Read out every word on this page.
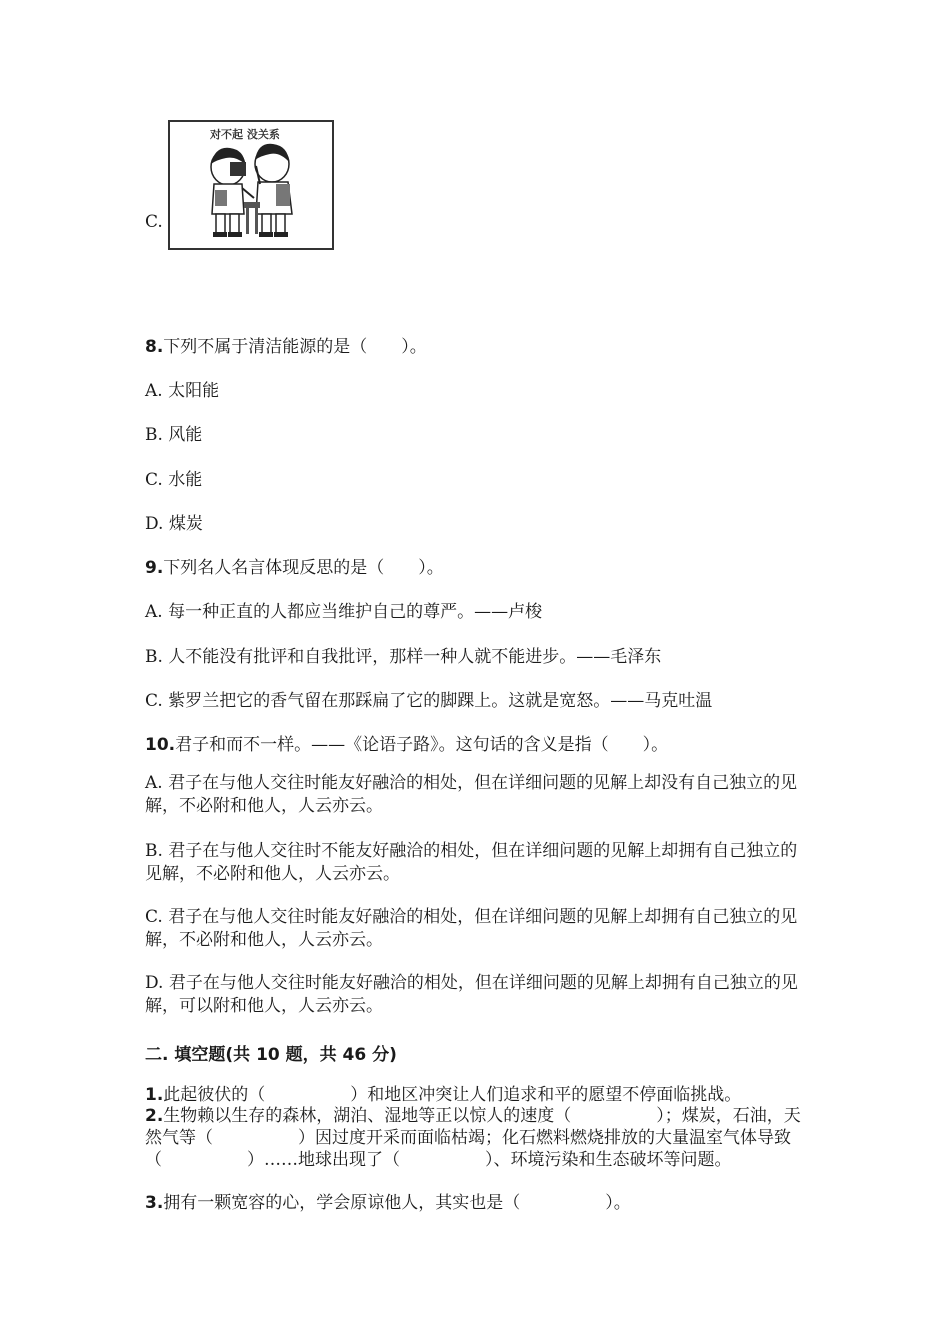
C.
对不起 没关系
8.下列不属于清洁能源的是（　　）。
A. 太阳能
B. 风能
C. 水能
D. 煤炭
9.下列名人名言体现反思的是（　　）。
A. 每一种正直的人都应当维护自己的尊严。——卢梭
B. 人不能没有批评和自我批评，那样一种人就不能进步。——毛泽东
C. 紫罗兰把它的香气留在那踩扁了它的脚踝上。这就是宽怒。——马克吐温
10.君子和而不一样。——《论语子路》。这句话的含义是指（　　）。
A. 君子在与他人交往时能友好融洽的相处，但在详细问题的见解上却没有自己独立的见解，不必附和他人，人云亦云。
B. 君子在与他人交往时不能友好融洽的相处，但在详细问题的见解上却拥有自己独立的见解，不必附和他人，人云亦云。
C. 君子在与他人交往时能友好融洽的相处，但在详细问题的见解上却拥有自己独立的见解，不必附和他人，人云亦云。
D. 君子在与他人交往时能友好融洽的相处，但在详细问题的见解上却拥有自己独立的见解，可以附和他人，人云亦云。
二. 填空题(共 10 题，共 46 分)
1.此起彼伏的（　　　　　）和地区冲突让人们追求和平的愿望不停面临挑战。
2.生物赖以生存的森林，湖泊、湿地等正以惊人的速度（　　　　　）；煤炭，石油，天然气等（　　　　　）因过度开采而面临枯竭；化石燃料燃烧排放的大量温室气体导致（　　　　　）……地球出现了（　　　　　）、环境污染和生态破坏等问题。
3.拥有一颗宽容的心，学会原谅他人，其实也是（　　　　　）。
